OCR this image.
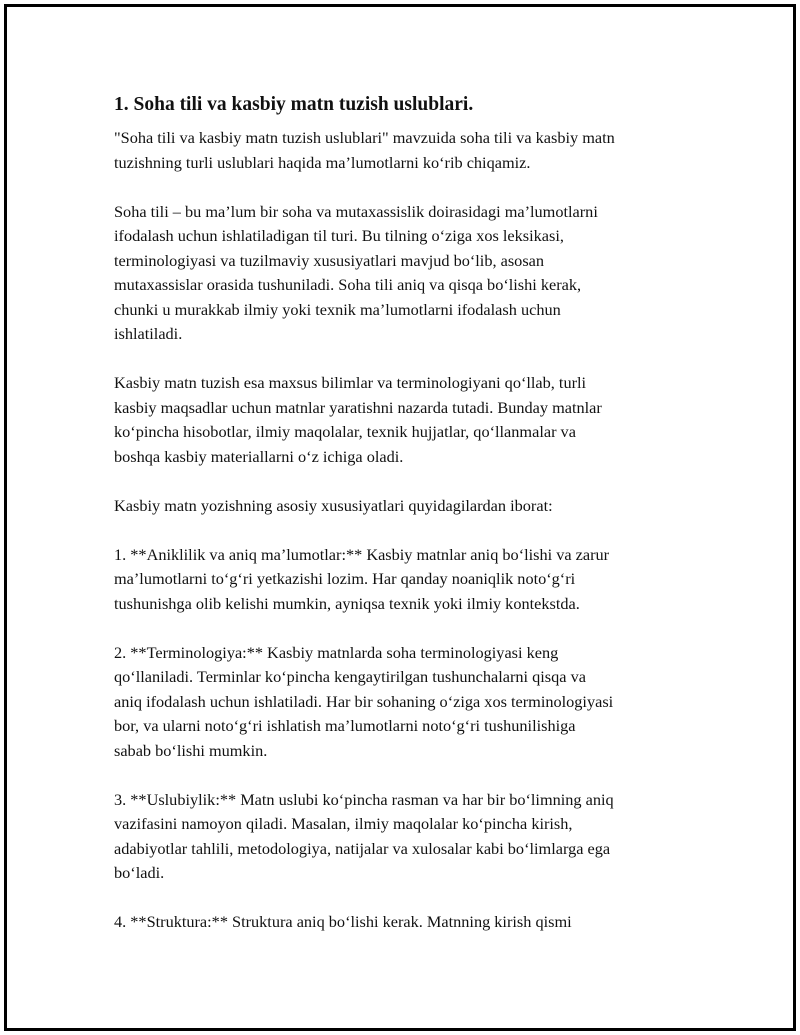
1. Soha tili va kasbiy matn tuzish uslublari.
"Soha tili va kasbiy matn tuzish uslublari" mavzuida soha tili va kasbiy matn
tuzishning turli uslublari haqida ma’lumotlarni ko‘rib chiqamiz.
Soha tili – bu ma’lum bir soha va mutaxassislik doirasidagi ma’lumotlarni
ifodalash uchun ishlatiladigan til turi. Bu tilning o‘ziga xos leksikasi,
terminologiyasi va tuzilmaviy xususiyatlari mavjud bo‘lib, asosan
mutaxassislar orasida tushuniladi. Soha tili aniq va qisqa bo‘lishi kerak,
chunki u murakkab ilmiy yoki texnik ma’lumotlarni ifodalash uchun
ishlatiladi.
Kasbiy matn tuzish esa maxsus bilimlar va terminologiyani qo‘llab, turli
kasbiy maqsadlar uchun matnlar yaratishni nazarda tutadi. Bunday matnlar
ko‘pincha hisobotlar, ilmiy maqolalar, texnik hujjatlar, qo‘llanmalar va
boshqa kasbiy materiallarni o‘z ichiga oladi.
Kasbiy matn yozishning asosiy xususiyatlari quyidagilardan iborat:
1. **Aniklilik va aniq ma’lumotlar:** Kasbiy matnlar aniq bo‘lishi va zarur
ma’lumotlarni to‘g‘ri yetkazishi lozim. Har qanday noaniqlik noto‘g‘ri
tushunishga olib kelishi mumkin, ayniqsa texnik yoki ilmiy kontekstda.
2. **Terminologiya:** Kasbiy matnlarda soha terminologiyasi keng
qo‘llaniladi. Terminlar ko‘pincha kengaytirilgan tushunchalarni qisqa va
aniq ifodalash uchun ishlatiladi. Har bir sohaning o‘ziga xos terminologiyasi
bor, va ularni noto‘g‘ri ishlatish ma’lumotlarni noto‘g‘ri tushunilishiga
sabab bo‘lishi mumkin.
3. **Uslubiylik:** Matn uslubi ko‘pincha rasman va har bir bo‘limning aniq
vazifasini namoyon qiladi. Masalan, ilmiy maqolalar ko‘pincha kirish,
adabiyotlar tahlili, metodologiya, natijalar va xulosalar kabi bo‘limlarga ega
bo‘ladi.
4. **Struktura:** Struktura aniq bo‘lishi kerak. Matnning kirish qismi
